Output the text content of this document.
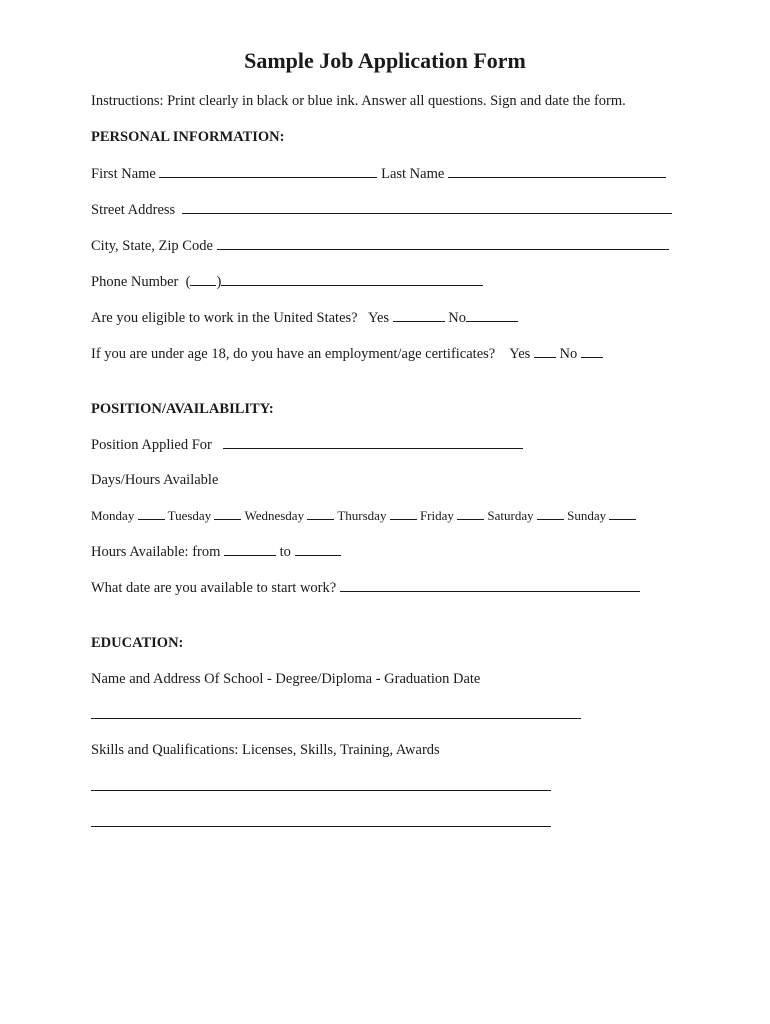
Sample Job Application Form
Instructions: Print clearly in black or blue ink. Answer all questions. Sign and date the form.
PERSONAL INFORMATION:
First Name	Last Name
Street Address
City, State, Zip Code
Phone Number ( )
Are you eligible to work in the United States? Yes	No
If you are under age 18, do you have an employment/age certificates? Yes No
POSITION/AVAILABILITY:
Position Applied For
Days/Hours Available
Monday	Tuesday	Wednesday	Thursday	Friday	Saturday	Sunday
Hours Available: from	to
What date are you available to start work?
EDUCATION:
Name and Address Of School - Degree/Diploma - Graduation Date
Skills and Qualifications: Licenses, Skills, Training, Awards
